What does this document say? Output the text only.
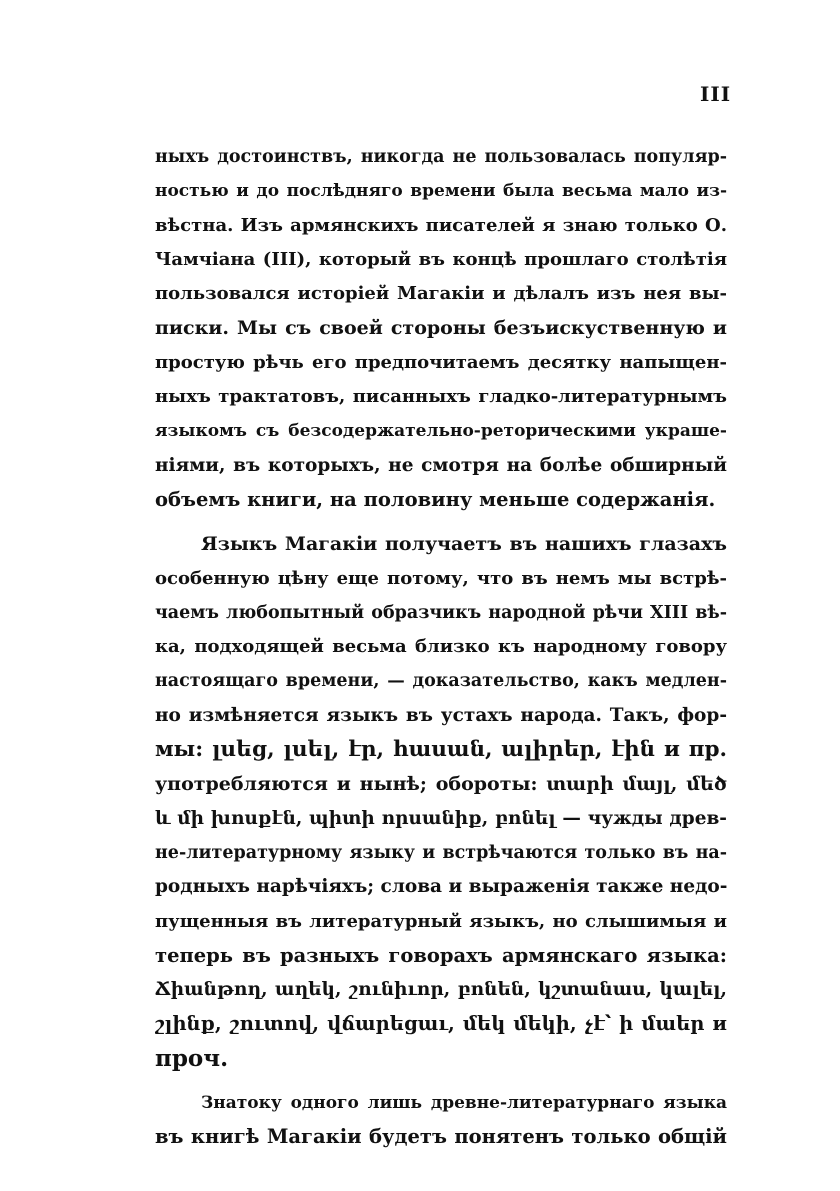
III
ныхъ достоинствъ, никогда не пользовалась популяр-
ностью и до послѣдняго времени была весьма мало из-
вѣстна. Изъ армянскихъ писателей я знаю только О.
Чамчіана (III), который въ концѣ прошлаго столѣтія
пользовался исторіей Магакіи и дѣлалъ изъ нея вы-
писки. Мы съ своей стороны безъискуственную и
простую рѣчь его предпочитаемъ десятку напыщен-
ныхъ трактатовъ, писанныхъ гладко-литературнымъ
языкомъ съ безсодержательно-реторическими украше-
ніями, въ которыхъ, не смотря на болѣе обширный
объемъ книги, на половину меньше содержанія.
Языкъ Магакіи получаетъ въ нашихъ глазахъ
особенную цѣну еще потому, что въ немъ мы встрѣ-
чаемъ любопытный образчикъ народной рѣчи XIII вѣ-
ка, подходящей весьма близко къ народному говору
настоящаго времени, — доказательство, какъ медлен-
но измѣняется языкъ въ устахъ народа. Такъ, фор-
мы: լսեց, լսել, էր, հասան, ալիրեր, էին и пр.
употребляются и нынѣ; обороты: տարի մայլ, մեծ
և մի խոսքէն, պիտի որսանիք, բոնել — чужды древ-
не-литературному языку и встрѣчаются только въ на-
родныхъ нарѣчіяхъ; слова и выраженія также недо-
пущенныя въ литературный языкъ, но слышимыя и
теперь въ разныхъ говорахъ армянскаго языка:
Ճիանթող, աղեկ, շունիւոր, բոնեն, կշտանաս, կալել,
շլինք, շուտով, վճարեցաւ, մեկ մեկի, չէ՝ ի մաեր и
проч.
Знатоку одного лишь древне-литературнаго языка
въ книгѣ Магакіи будетъ понятенъ только общій
